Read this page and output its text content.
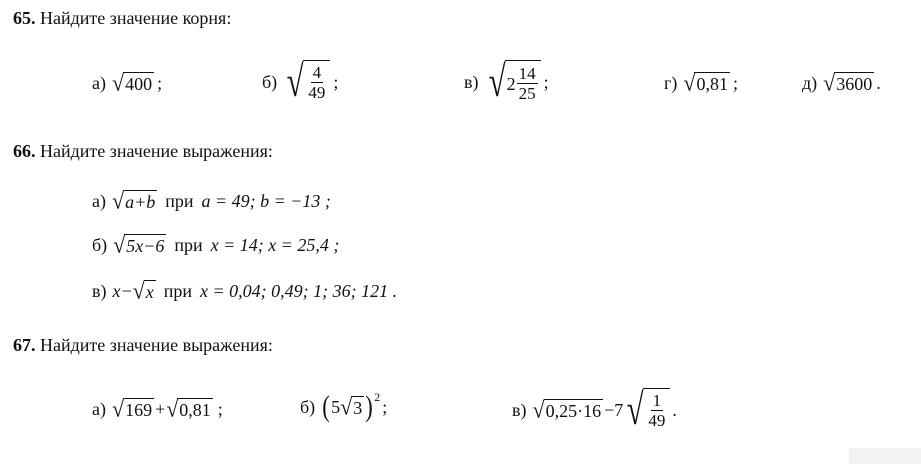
65. Найдите значение корня:
а) √ 400 ;	б) √ $\frac{4}{49}$ ;	в) √ $2 \frac{14}{25}$ ;	г) √ 0,81 ;	д) √ 3600 .
66. Найдите значение выражения:
а) √ a+b при a = 49; b = −13 ;
б) √ 5x−6 при x = 14; x = 25,4 ;
в) x− √ x при x = 0,04; 0,49; 1; 36; 121 .
67. Найдите значение выражения:
а) √ 169 + √ 0,81 ;	б) ( 5 √ 3 )$^2$ ;	в) √ 0,25·16 −7 √ $\frac{1}{49}$ .
